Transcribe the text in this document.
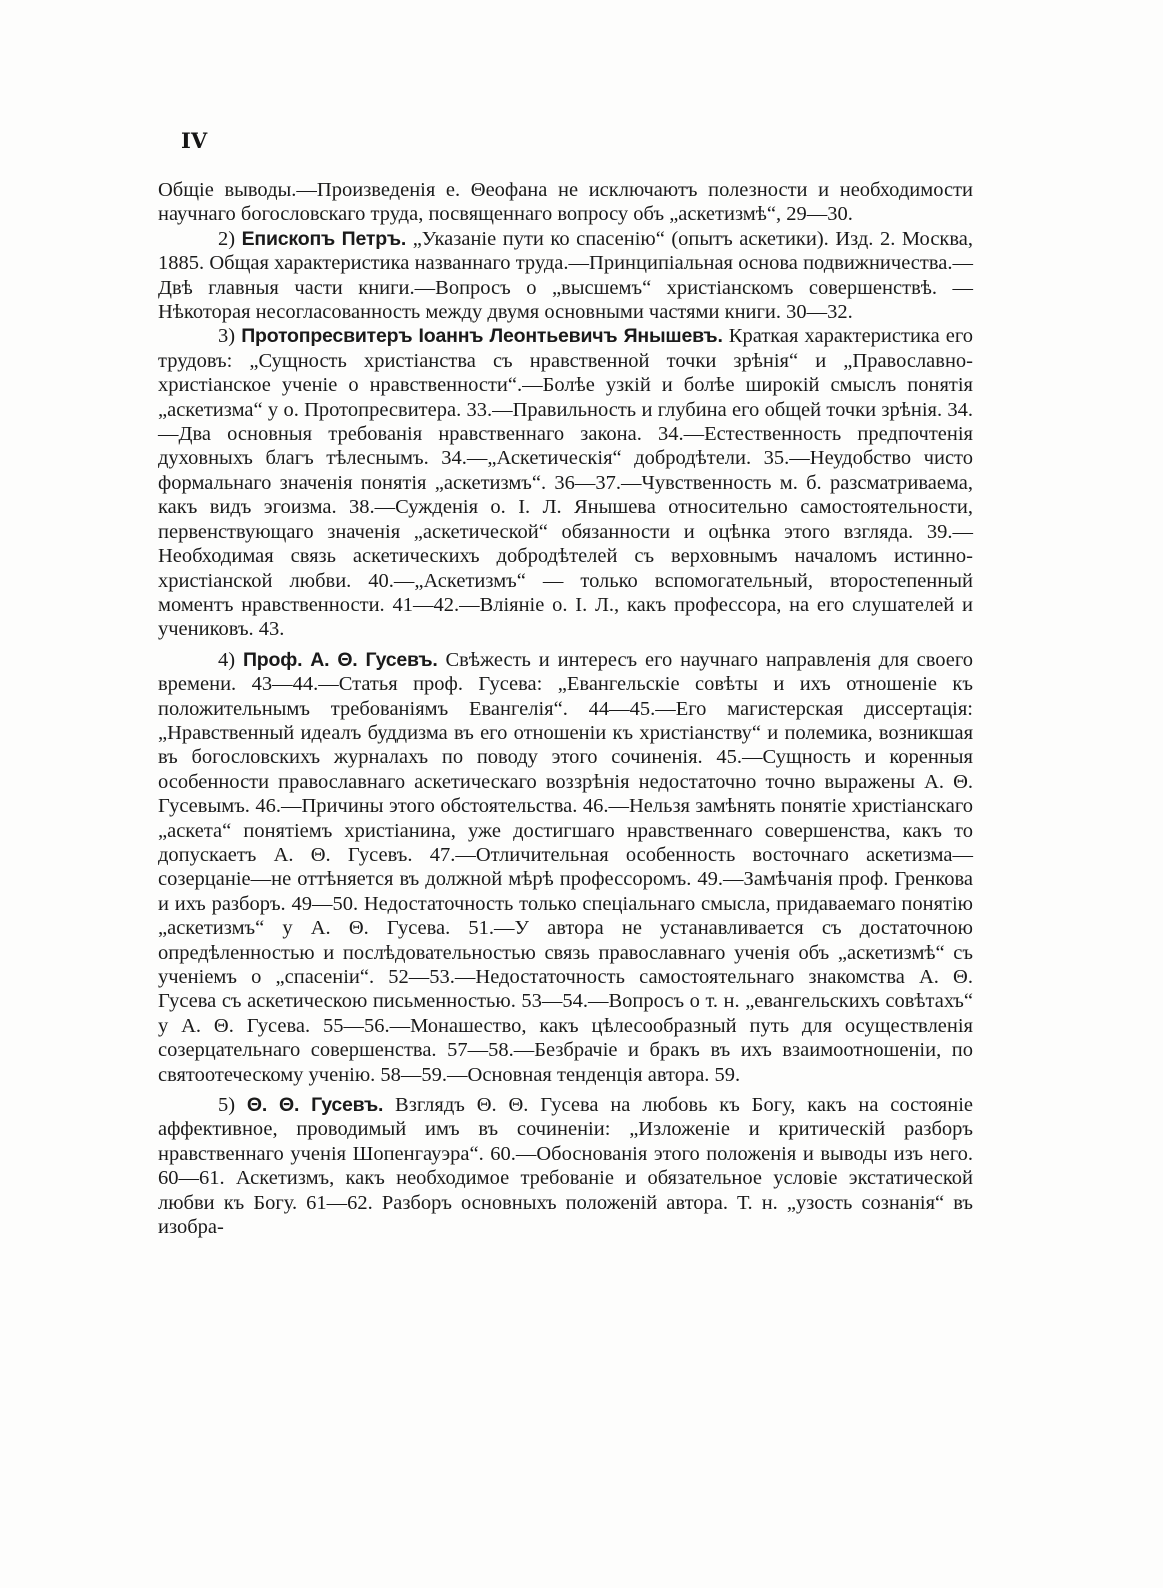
IV

Общiе выводы.—Произведенiя е. Θеофана не исключаютъ полезности и необходимости научнаго богословскаго труда, посвященнаго вопросу объ „аскетизмѣ“, 29—30.

2) Епископъ Петръ. „Указанiе пути ко спасенiю“ (опытъ аскетики). Изд. 2. Москва, 1885. Общая характеристика названнаго труда.—Принципiальная основа подвижничества.—Двѣ главныя части книги.—Вопросъ о „высшемъ“ христiанскомъ совершенствѣ. — Нѣкоторая несогласованность между двумя основными частями книги. 30—32.

3) Протопресвитеръ Iоаннъ Леонтьевичъ Янышевъ. Краткая характеристика его трудовъ: „Сущность христiанства съ нравственной точки зрѣнiя“ и „Православно-христiанское ученiе о нравственности“.—Болѣе узкiй и болѣе широкiй смыслъ понятiя „аскетизма“ у о. Протопресвитера. 33.—Правильность и глубина его общей точки зрѣнiя. 34.—Два основныя требованiя нравственнаго закона. 34.—Естественность предпочтенiя духовныхъ благъ тѣлеснымъ. 34.—„Аскетическiя“ добродѣтели. 35.—Неудобство чисто формальнаго значенiя понятiя „аскетизмъ“. 36—37.—Чувственность м. б. разсматриваема, какъ видъ эгоизма. 38.—Сужденiя о. I. Л. Янышева относительно самостоятельности, первенствующаго значенiя „аскетической“ обязанности и оцѣнка этого взгляда. 39.—Необходимая связь аскетическихъ добродѣтелей съ верховнымъ началомъ истинно-христiанской любви. 40.—„Аскетизмъ“ — только вспомогательный, второстепенный моментъ нравственности. 41—42.—Влiянiе о. I. Л., какъ профессора, на его слушателей и учениковъ. 43.

4) Проф. А. Θ. Гусевъ. Свѣжесть и интересъ его научнаго направленiя для своего времени. 43—44.—Статья проф. Гусева: „Евангельскiе совѣты и ихъ отношенiе къ положительнымъ требованiямъ Евангелiя“. 44—45.—Его магистерская диссертацiя: „Нравственный идеалъ буддизма въ его отношенiи къ христiанству“ и полемика, возникшая въ богословскихъ журналахъ по поводу этого сочиненiя. 45.—Сущность и коренныя особенности православнаго аскетическаго воззрѣнiя недостаточно точно выражены А. Θ. Гусевымъ. 46.—Причины этого обстоятельства. 46.—Нельзя замѣнять понятiе христiанскаго „аскета“ понятiемъ христiанина, уже достигшаго нравственнаго совершенства, какъ то допускаетъ А. Θ. Гусевъ. 47.—Отличительная особенность восточнаго аскетизма—созерцанiе—не оттѣняется въ должной мѣрѣ профессоромъ. 49.—Замѣчанiя проф. Гренкова и ихъ разборъ. 49—50. Недостаточность только спецiальнаго смысла, придаваемаго понятiю „аскетизмъ“ у А. Θ. Гусева. 51.—У автора не устанавливается съ достаточною опредѣленностью и послѣдовательностью связь православнаго ученiя объ „аскетизмѣ“ съ ученiемъ о „спасенiи“. 52—53.—Недостаточность самостоятельнаго знакомства А. Θ. Гусева съ аскетическою письменностью. 53—54.—Вопросъ о т. н. „евангельскихъ совѣтахъ“ у А. Θ. Гусева. 55—56.—Монашество, какъ цѣлесообразный путь для осуществленiя созерцательнаго совершенства. 57—58.—Безбрачiе и бракъ въ ихъ взаимоотношенiи, по святоотеческому ученiю. 58—59.—Основная тенденцiя автора. 59.

5) Θ. Θ. Гусевъ. Взглядъ Θ. Θ. Гусева на любовь къ Богу, какъ на состоянiе аффективное, проводимый имъ въ сочиненiи: „Изложенiе и критическiй разборъ нравственнаго ученiя Шопенгауэра“. 60.—Обоснованiя этого положенiя и выводы изъ него. 60—61. Аскетизмъ, какъ необходимое требованiе и обязательное условiе экстатической любви къ Богу. 61—62. Разборъ основныхъ положенiй автора. Т. н. „узость сознанiя“ въ изобра-
